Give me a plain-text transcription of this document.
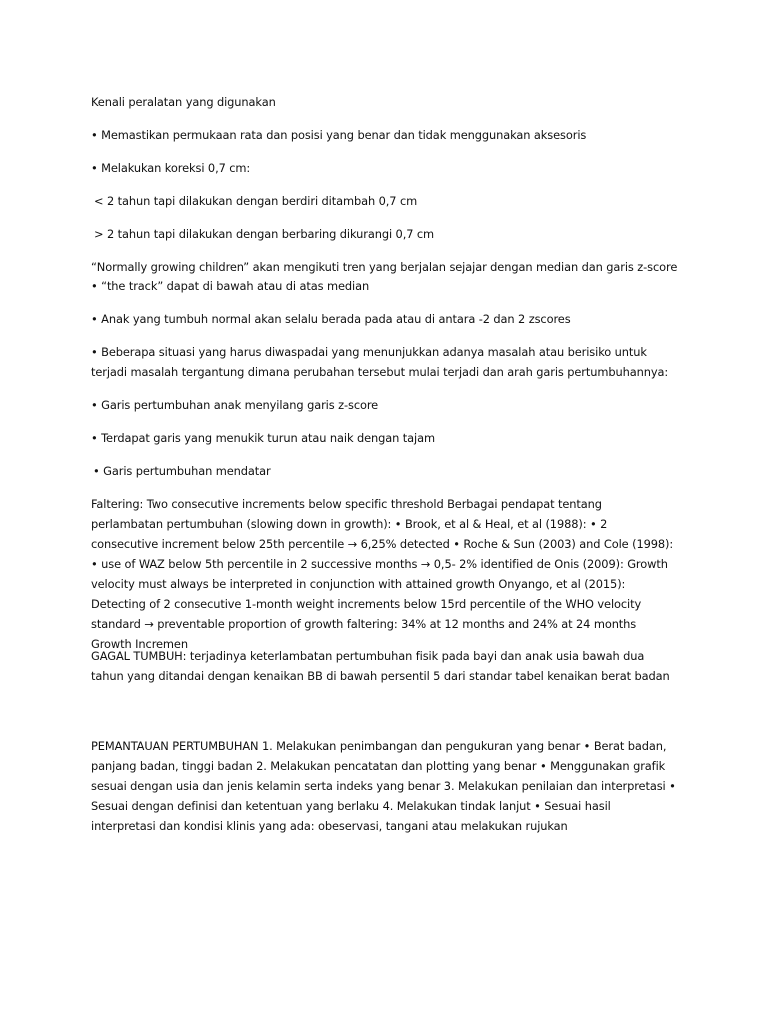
Kenali peralatan yang digunakan
• Memastikan permukaan rata dan posisi yang benar dan tidak menggunakan aksesoris
• Melakukan koreksi 0,7 cm:
< 2 tahun tapi dilakukan dengan berdiri ditambah 0,7 cm
> 2 tahun tapi dilakukan dengan berbaring dikurangi 0,7 cm
“Normally growing children” akan mengikuti tren yang berjalan sejajar dengan median dan garis z-score
• “the track” dapat di bawah atau di atas median
• Anak yang tumbuh normal akan selalu berada pada atau di antara -2 dan 2 zscores
• Beberapa situasi yang harus diwaspadai yang menunjukkan adanya masalah atau berisiko untuk terjadi masalah tergantung dimana perubahan tersebut mulai terjadi dan arah garis pertumbuhannya:
• Garis pertumbuhan anak menyilang garis z-score
• Terdapat garis yang menukik turun atau naik dengan tajam
• Garis pertumbuhan mendatar
Faltering: Two consecutive increments below specific threshold Berbagai pendapat tentang perlambatan pertumbuhan (slowing down in growth): • Brook, et al & Heal, et al (1988): • 2 consecutive increment below 25th percentile → 6,25% detected • Roche & Sun (2003) and Cole (1998): • use of WAZ below 5th percentile in 2 successive months → 0,5- 2% identified de Onis (2009): Growth velocity must always be interpreted in conjunction with attained growth Onyango, et al (2015): Detecting of 2 consecutive 1-month weight increments below 15rd percentile of the WHO velocity standard → preventable proportion of growth faltering: 34% at 12 months and 24% at 24 months Growth Incremen
GAGAL TUMBUH: terjadinya keterlambatan pertumbuhan fisik pada bayi dan anak usia bawah dua tahun yang ditandai dengan kenaikan BB di bawah persentil 5 dari standar tabel kenaikan berat badan
PEMANTAUAN PERTUMBUHAN 1. Melakukan penimbangan dan pengukuran yang benar • Berat badan, panjang badan, tinggi badan 2. Melakukan pencatatan dan plotting yang benar • Menggunakan grafik sesuai dengan usia dan jenis kelamin serta indeks yang benar 3. Melakukan penilaian dan interpretasi • Sesuai dengan definisi dan ketentuan yang berlaku 4. Melakukan tindak lanjut • Sesuai hasil interpretasi dan kondisi klinis yang ada: obeservasi, tangani atau melakukan rujukan
